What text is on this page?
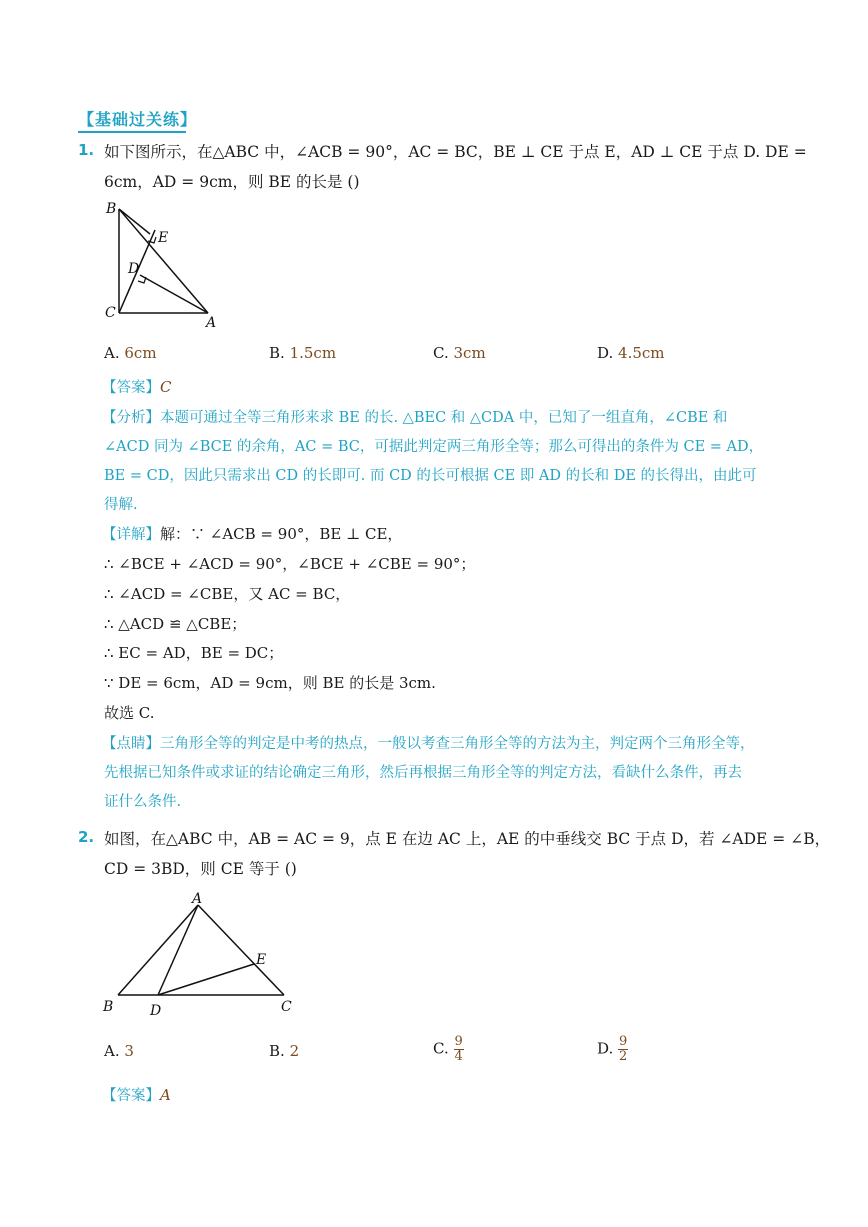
【基础过关练】
1. 如下图所示，在△ABC 中，∠ACB = 90°，AC = BC，BE ⊥ CE 于点 E，AD ⊥ CE 于点 D. DE =
6cm，AD = 9cm，则 BE 的长是 ()
B
E
D
C
A
A. 6cm	B. 1.5cm	C. 3cm	D. 4.5cm
【答案】C
【分析】本题可通过全等三角形来求 BE 的长. △BEC 和 △CDA 中，已知了一组直角，∠CBE 和
∠ACD 同为 ∠BCE 的余角，AC = BC，可据此判定两三角形全等；那么可得出的条件为 CE = AD，
BE = CD，因此只需求出 CD 的长即可. 而 CD 的长可根据 CE 即 AD 的长和 DE 的长得出，由此可
得解.
【详解】解：∵ ∠ACB = 90°，BE ⊥ CE，
∴ ∠BCE + ∠ACD = 90°，∠BCE + ∠CBE = 90°；
∴ ∠ACD = ∠CBE，又 AC = BC，
∴ △ACD ≌ △CBE；
∴ EC = AD，BE = DC；
∵ DE = 6cm，AD = 9cm，则 BE 的长是 3cm.
故选 C.
【点睛】三角形全等的判定是中考的热点，一般以考查三角形全等的方法为主，判定两个三角形全等，
先根据已知条件或求证的结论确定三角形，然后再根据三角形全等的判定方法，看缺什么条件，再去
证什么条件.
2. 如图，在△ABC 中，AB = AC = 9，点 E 在边 AC 上，AE 的中垂线交 BC 于点 D，若 ∠ADE = ∠B，
CD = 3BD，则 CE 等于 ()
A
E
B	D	C
A. 3	B. 2	C. $\frac{9}{4}$	D. $\frac{9}{2}$
【答案】A
